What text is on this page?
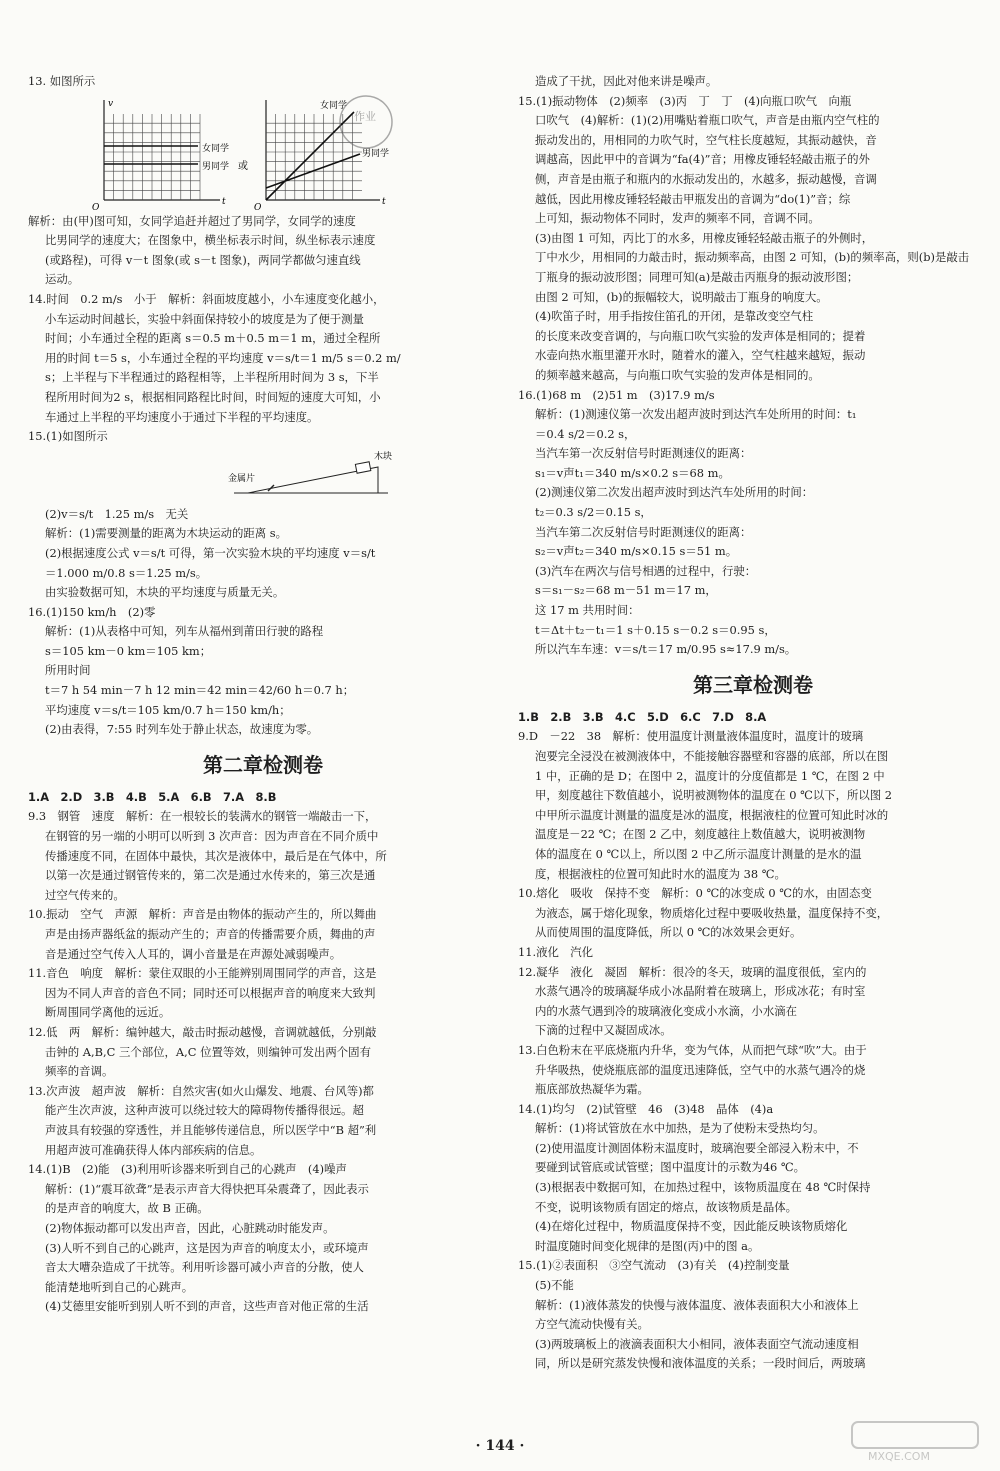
13. 如图所示

v
t
O
女同学
男同学 或
女同学
男同学
t
O
作业

解析：由(甲)图可知，女同学追赶并超过了男同学，女同学的速度

比男同学的速度大；在图象中，横坐标表示时间，纵坐标表示速度

(或路程)，可得 v－t 图象(或 s－t 图象)，两同学都做匀速直线

运动。

14.时间　0.2 m/s　小于　解析：斜面坡度越小，小车速度变化越小，

小车运动时间越长，实验中斜面保持较小的坡度是为了便于测量

时间；小车通过全程的距离 s＝0.5 m＋0.5 m＝1 m，通过全程所

用的时间 t＝5 s，小车通过全程的平均速度 v＝s/t＝1 m/5 s＝0.2 m/

s；上半程与下半程通过的路程相等，上半程所用时间为 3 s，下半

程所用时间为2 s，根据相同路程比时间，时间短的速度大可知，小

车通过上半程的平均速度小于通过下半程的平均速度。

15.(1)如图所示

木块
金属片

(2)v＝s/t　1.25 m/s　无关

解析：(1)需要测量的距离为木块运动的距离 s。

(2)根据速度公式 v＝s/t 可得，第一次实验木块的平均速度 v＝s/t

＝1.000 m/0.8 s＝1.25 m/s。

由实验数据可知，木块的平均速度与质量无关。

16.(1)150 km/h　(2)零

解析：(1)从表格中可知，列车从福州到莆田行驶的路程

s＝105 km－0 km＝105 km；

所用时间

t＝7 h 54 min－7 h 12 min＝42 min＝42/60 h＝0.7 h；

平均速度 v＝s/t＝105 km/0.7 h＝150 km/h；

(2)由表得，7:55 时列车处于静止状态，故速度为零。

第二章检测卷

1.A　2.D　3.B　4.B　5.A　6.B　7.A　8.B

9.3　钢管　速度　解析：在一根较长的装满水的钢管一端敲击一下，

在钢管的另一端的小明可以听到 3 次声音：因为声音在不同介质中

传播速度不同，在固体中最快，其次是液体中，最后是在气体中，所

以第一次是通过钢管传来的，第二次是通过水传来的，第三次是通

过空气传来的。

10.振动　空气　声源　解析：声音是由物体的振动产生的，所以舞曲

声是由扬声器纸盆的振动产生的；声音的传播需要介质，舞曲的声

音是通过空气传入人耳的，调小音量是在声源处减弱噪声。

11.音色　响度　解析：蒙住双眼的小王能辨别周围同学的声音，这是

因为不同人声音的音色不同；同时还可以根据声音的响度来大致判

断周围同学离他的远近。

12.低　两　解析：编钟越大，敲击时振动越慢，音调就越低，分别敲

击钟的 A,B,C 三个部位，A,C 位置等效，则编钟可发出两个固有

频率的音调。

13.次声波　超声波　解析：自然灾害(如火山爆发、地震、台风等)都

能产生次声波，这种声波可以绕过较大的障碍物传播得很远。超

声波具有较强的穿透性，并且能够传递信息，所以医学中“B 超”利

用超声波可准确获得人体内部疾病的信息。

14.(1)B　(2)能　(3)利用听诊器来听到自己的心跳声　(4)噪声

解析：(1)“震耳欲聋”是表示声音大得快把耳朵震聋了，因此表示

的是声音的响度大，故 B 正确。

(2)物体振动都可以发出声音，因此，心脏跳动时能发声。

(3)人听不到自己的心跳声，这是因为声音的响度太小，或环境声

音太大嘈杂造成了干扰等。利用听诊器可减小声音的分散，使人

能清楚地听到自己的心跳声。

(4)艾德里安能听到别人听不到的声音，这些声音对他正常的生活

造成了干扰，因此对他来讲是噪声。

15.(1)振动物体　(2)频率　(3)丙　丁　丁　(4)向瓶口吹气　向瓶

口吹气　(4)解析：(1)(2)用嘴贴着瓶口吹气，声音是由瓶内空气柱的

振动发出的，用相同的力吹气时，空气柱长度越短，其振动越快，音

调越高，因此甲中的音调为“fa(4)”音；用橡皮锤轻轻敲击瓶子的外

侧，声音是由瓶子和瓶内的水振动发出的，水越多，振动越慢，音调

越低，因此用橡皮锤轻轻敲击甲瓶发出的音调为“do(1)”音；综

上可知，振动物体不同时，发声的频率不同，音调不同。

(3)由图 1 可知，丙比丁的水多，用橡皮锤轻轻敲击瓶子的外侧时，

丁中水少，用相同的力敲击时，振动频率高，由图 2 可知，(b)的频率高，则(b)是敲击

丁瓶身的振动波形图；同理可知(a)是敲击丙瓶身的振动波形图；

由图 2 可知，(b)的振幅较大，说明敲击丁瓶身的响度大。

(4)吹笛子时，用手指按住笛孔的开闭，是靠改变空气柱

的长度来改变音调的，与向瓶口吹气实验的发声体是相同的；提着

水壶向热水瓶里灌开水时，随着水的灌入，空气柱越来越短，振动

的频率越来越高，与向瓶口吹气实验的发声体是相同的。

16.(1)68 m　(2)51 m　(3)17.9 m/s

解析：(1)测速仪第一次发出超声波时到达汽车处所用的时间：t₁

＝0.4 s/2＝0.2 s，

当汽车第一次反射信号时距测速仪的距离：

s₁＝v声t₁＝340 m/s×0.2 s＝68 m。

(2)测速仪第二次发出超声波时到达汽车处所用的时间：

t₂＝0.3 s/2＝0.15 s，

当汽车第二次反射信号时距测速仪的距离：

s₂＝v声t₂＝340 m/s×0.15 s＝51 m。

(3)汽车在两次与信号相遇的过程中，行驶：

s＝s₁－s₂＝68 m－51 m＝17 m，

这 17 m 共用时间：

t＝Δt＋t₂－t₁＝1 s＋0.15 s－0.2 s＝0.95 s，

所以汽车车速：v＝s/t＝17 m/0.95 s≈17.9 m/s。

第三章检测卷

1.B　2.B　3.B　4.C　5.D　6.C　7.D　8.A

9.D　－22　38　解析：使用温度计测量液体温度时，温度计的玻璃

泡要完全浸没在被测液体中，不能接触容器壁和容器的底部，所以在图

1 中，正确的是 D；在图中 2，温度计的分度值都是 1 ℃，在图 2 中

甲，刻度越往下数值越小，说明被测物体的温度在 0 ℃以下，所以图 2

中甲所示温度计测量的温度是冰的温度，根据液柱的位置可知此时冰的

温度是－22 ℃；在图 2 乙中，刻度越往上数值越大，说明被测物

体的温度在 0 ℃以上，所以图 2 中乙所示温度计测量的是水的温

度，根据液柱的位置可知此时水的温度为 38 ℃。

10.熔化　吸收　保持不变　解析：0 ℃的冰变成 0 ℃的水，由固态变

为液态，属于熔化现象，物质熔化过程中要吸收热量，温度保持不变，

从而使周围的温度降低，所以 0 ℃的冰效果会更好。

11.液化　汽化

12.凝华　液化　凝固　解析：很冷的冬天，玻璃的温度很低，室内的

水蒸气遇冷的玻璃凝华成小冰晶附着在玻璃上，形成冰花；有时室

内的水蒸气遇到冷的玻璃液化变成小水滴，小水滴在

下滴的过程中又凝固成冰。

13.白色粉末在平底烧瓶内升华，变为气体，从而把气球“吹”大。由于

升华吸热，使烧瓶底部的温度迅速降低，空气中的水蒸气遇冷的烧

瓶底部放热凝华为霜。

14.(1)均匀　(2)试管壁　46　(3)48　晶体　(4)a

解析：(1)将试管放在水中加热，是为了使粉末受热均匀。

(2)使用温度计测固体粉末温度时，玻璃泡要全部浸入粉末中，不

要碰到试管底或试管壁；图中温度计的示数为46 ℃。

(3)根据表中数据可知，在加热过程中，该物质温度在 48 ℃时保持

不变，说明该物质有固定的熔点，故该物质是晶体。

(4)在熔化过程中，物质温度保持不变，因此能反映该物质熔化

时温度随时间变化规律的是图(丙)中的图 a。

15.(1)②表面积　③空气流动　(3)有关　(4)控制变量

(5)不能

解析：(1)液体蒸发的快慢与液体温度、液体表面积大小和液体上

方空气流动快慢有关。

(3)两玻璃板上的液滴表面积大小相同，液体表面空气流动速度相

同，所以是研究蒸发快慢和液体温度的关系；一段时间后，两玻璃

· 144 ·
MXQE.COM
